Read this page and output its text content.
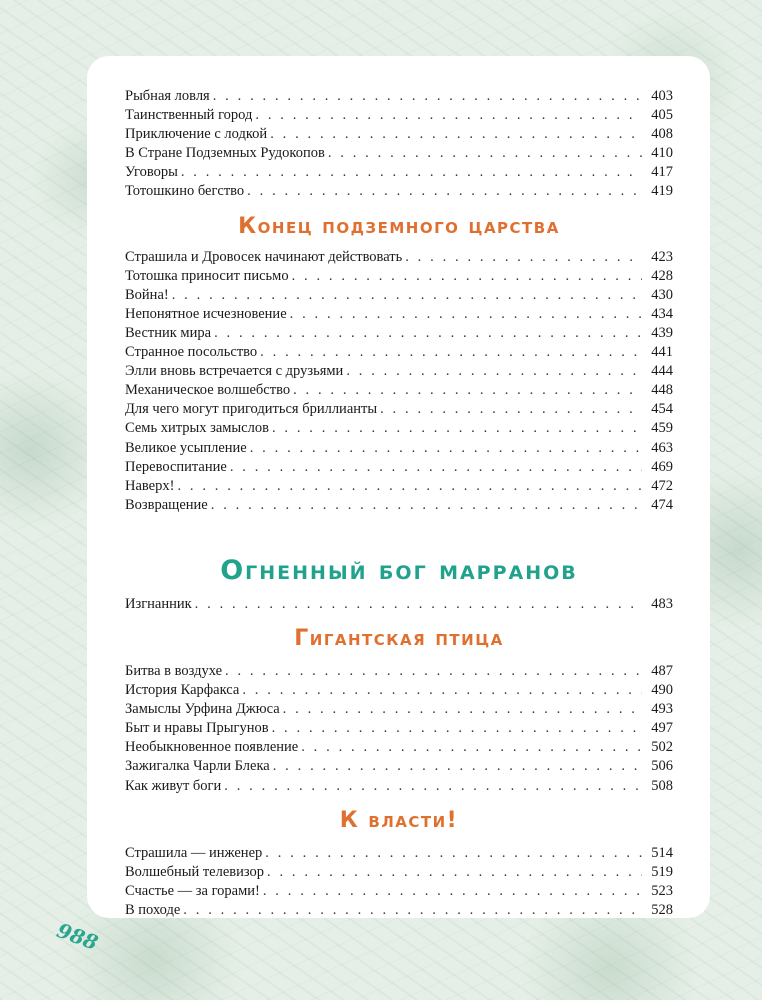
Рыбная ловля . . .	403
Таинственный город . . .	405
Приключение с лодкой . . .	408
В Стране Подземных Рудокопов . . .	410
Уговоры . . .	417
Тотошкино бегство . . .	419
Конец подземного царства
Страшила и Дровосек начинают действовать . . .	423
Тотошка приносит письмо . . .	428
Война! . . .	430
Непонятное исчезновение . . .	434
Вестник мира . . .	439
Странное посольство . . .	441
Элли вновь встречается с друзьями . . .	444
Механическое волшебство . . .	448
Для чего могут пригодиться бриллианты . . .	454
Семь хитрых замыслов . . .	459
Великое усыпление . . .	463
Перевоспитание . . .	469
Наверх! . . .	472
Возвращение . . .	474
Огненный бог марранов
Изгнанник . . .	483
Гигантская птица
Битва в воздухе . . .	487
История Карфакса . . .	490
Замыслы Урфина Джюса . . .	493
Быт и нравы Прыгунов . . .	497
Необыкновенное появление . . .	502
Зажигалка Чарли Блека . . .	506
Как живут боги . . .	508
К власти!
Страшила — инженер . . .	514
Волшебный телевизор . . .	519
Счастье — за горами! . . .	523
В походе . . .	528
988
